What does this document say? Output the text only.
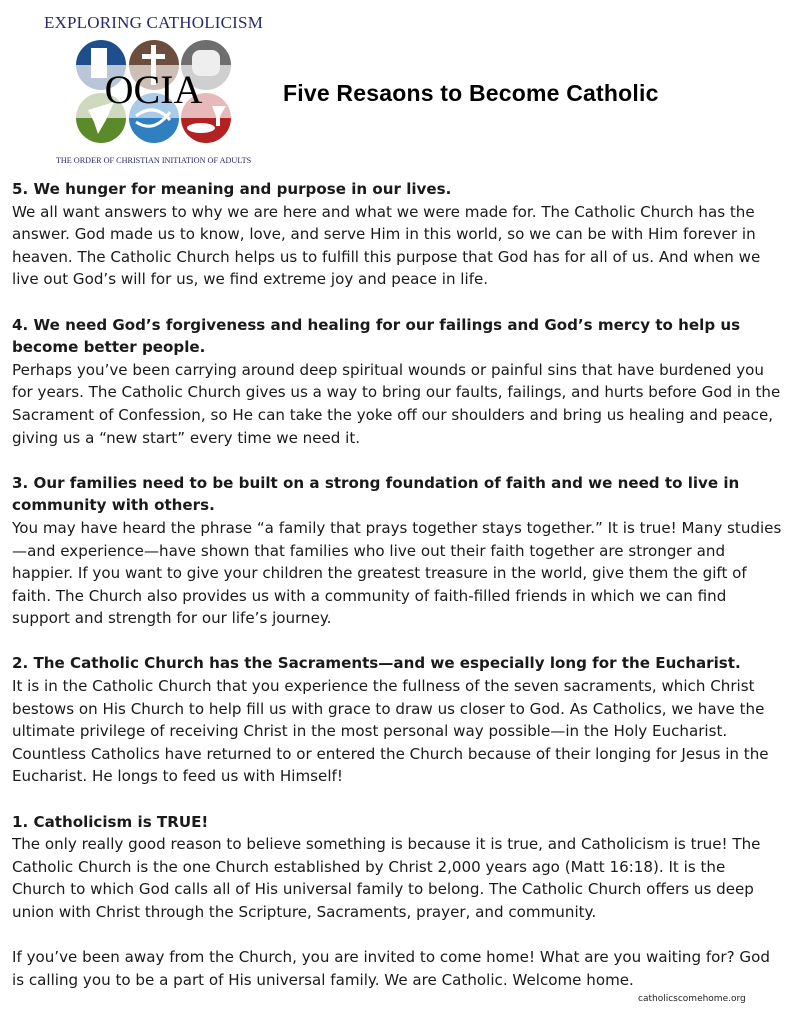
EXPLORING CATHOLICISM
OCIA
THE ORDER OF CHRISTIAN INITIATION OF ADULTS
Five Resaons to Become Catholic

5. We hunger for meaning and purpose in our lives.

We all want answers to why we are here and what we were made for. The Catholic Church has the answer. God made us to know, love, and serve Him in this world, so we can be with Him forever in heaven. The Catholic Church helps us to fulfill this purpose that God has for all of us. And when we live out God’s will for us, we find extreme joy and peace in life.

4. We need God’s forgiveness and healing for our failings and God’s mercy to help us become better people.

Perhaps you’ve been carrying around deep spiritual wounds or painful sins that have burdened you for years. The Catholic Church gives us a way to bring our faults, failings, and hurts before God in the Sacrament of Confession, so He can take the yoke off our shoulders and bring us healing and peace, giving us a “new start” every time we need it.

3. Our families need to be built on a strong foundation of faith and we need to live in community with others.

You may have heard the phrase “a family that prays together stays together.” It is true! Many studies—and experience—have shown that families who live out their faith together are stronger and happier. If you want to give your children the greatest treasure in the world, give them the gift of faith. The Church also provides us with a community of faith-filled friends in which we can find support and strength for our life’s journey.

2. The Catholic Church has the Sacraments—and we especially long for the Eucharist.

It is in the Catholic Church that you experience the fullness of the seven sacraments, which Christ bestows on His Church to help fill us with grace to draw us closer to God. As Catholics, we have the ultimate privilege of receiving Christ in the most personal way possible—in the Holy Eucharist. Countless Catholics have returned to or entered the Church because of their longing for Jesus in the Eucharist. He longs to feed us with Himself!

1. Catholicism is TRUE!

The only really good reason to believe something is because it is true, and Catholicism is true! The Catholic Church is the one Church established by Christ 2,000 years ago (Matt 16:18). It is the Church to which God calls all of His universal family to belong. The Catholic Church offers us deep union with Christ through the Scripture, Sacraments, prayer, and community.

If you’ve been away from the Church, you are invited to come home! What are you waiting for? God is calling you to be a part of His universal family. We are Catholic. Welcome home.

catholicscomehome.org
